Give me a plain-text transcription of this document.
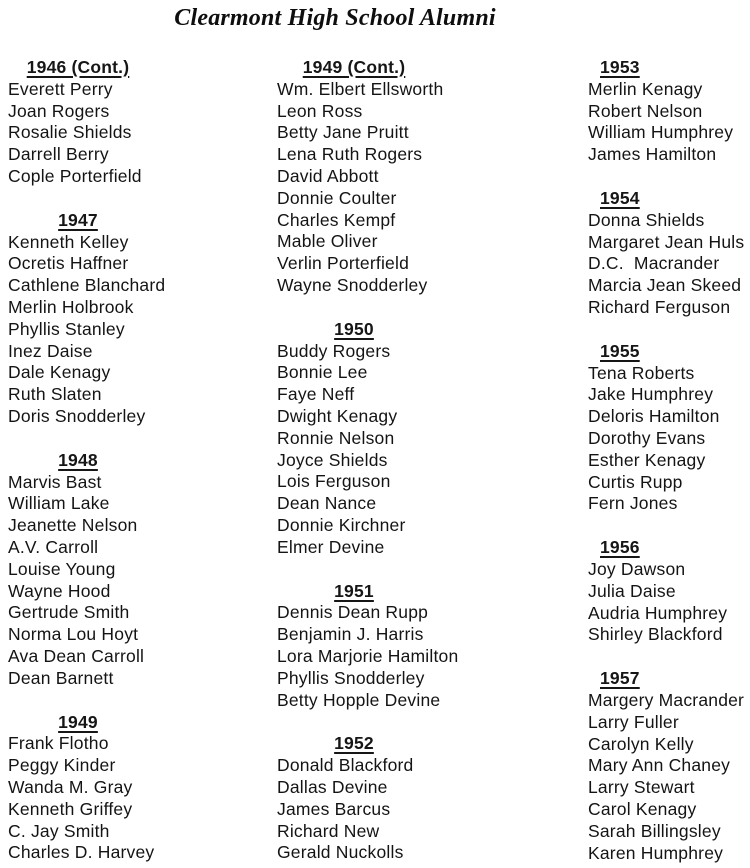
Clearmont High School Alumni
1946 (Cont.)
Everett Perry
Joan Rogers
Rosalie Shields
Darrell Berry
Cople Porterfield
1947
Kenneth Kelley
Ocretis Haffner
Cathlene Blanchard
Merlin Holbrook
Phyllis Stanley
Inez Daise
Dale Kenagy
Ruth Slaten
Doris Snodderley
1948
Marvis Bast
William Lake
Jeanette Nelson
A.V. Carroll
Louise Young
Wayne Hood
Gertrude Smith
Norma Lou Hoyt
Ava Dean Carroll
Dean Barnett
1949
Frank Flotho
Peggy Kinder
Wanda M. Gray
Kenneth Griffey
C. Jay Smith
Charles D. Harvey
1949 (Cont.)
Wm. Elbert Ellsworth
Leon Ross
Betty Jane Pruitt
Lena Ruth Rogers
David Abbott
Donnie Coulter
Charles Kempf
Mable Oliver
Verlin Porterfield
Wayne Snodderley
1950
Buddy Rogers
Bonnie Lee
Faye Neff
Dwight Kenagy
Ronnie Nelson
Joyce Shields
Lois Ferguson
Dean Nance
Donnie Kirchner
Elmer Devine
1951
Dennis Dean Rupp
Benjamin J. Harris
Lora Marjorie Hamilton
Phyllis Snodderley
Betty Hopple Devine
1952
Donald Blackford
Dallas Devine
James Barcus
Richard New
Gerald Nuckolls
1953
Merlin Kenagy
Robert Nelson
William Humphrey
James Hamilton
1954
Donna Shields
Margaret Jean Huls
D.C.  Macrander
Marcia Jean Skeed
Richard Ferguson
1955
Tena Roberts
Jake Humphrey
Deloris Hamilton
Dorothy Evans
Esther Kenagy
Curtis Rupp
Fern Jones
1956
Joy Dawson
Julia Daise
Audria Humphrey
Shirley Blackford
1957
Margery Macrander
Larry Fuller
Carolyn Kelly
Mary Ann Chaney
Larry Stewart
Carol Kenagy
Sarah Billingsley
Karen Humphrey
